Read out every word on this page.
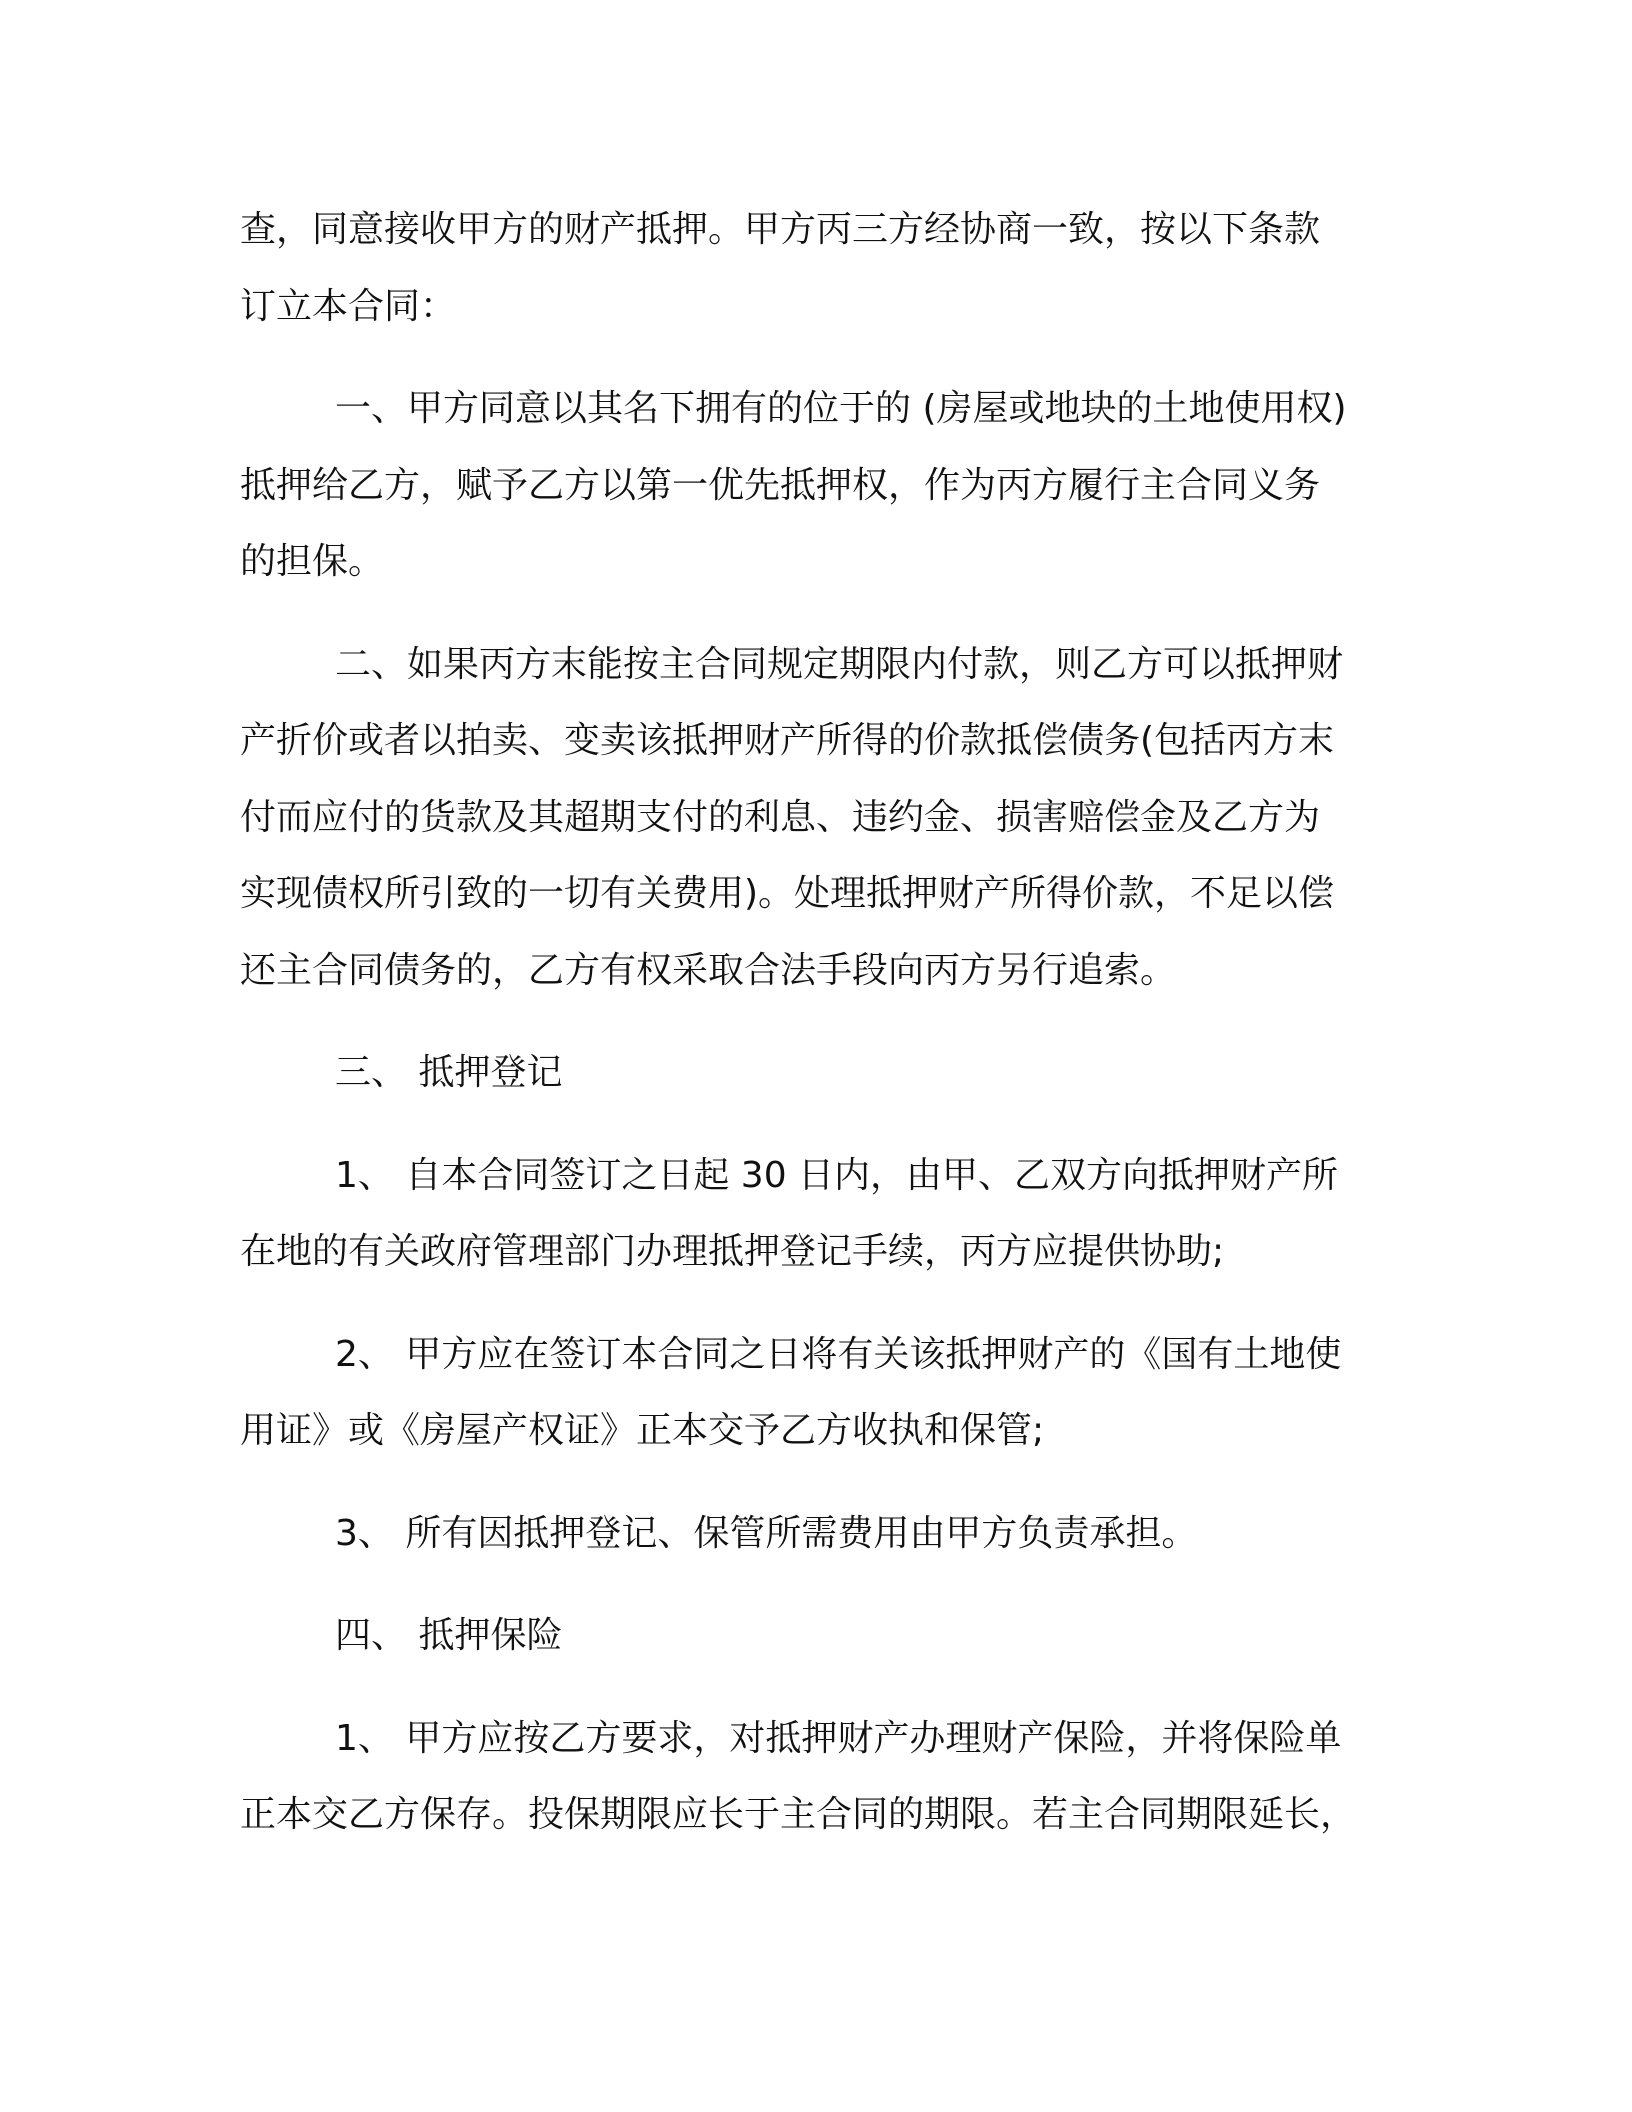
查，同意接收甲方的财产抵押。甲方丙三方经协商一致，按以下条款
订立本合同：

一、甲方同意以其名下拥有的位于的 (房屋或地块的土地使用权)
抵押给乙方，赋予乙方以第一优先抵押权，作为丙方履行主合同义务
的担保。

二、如果丙方末能按主合同规定期限内付款，则乙方可以抵押财
产折价或者以拍卖、变卖该抵押财产所得的价款抵偿债务(包括丙方末
付而应付的货款及其超期支付的利息、违约金、损害赔偿金及乙方为
实现债权所引致的一切有关费用)。处理抵押财产所得价款，不足以偿
还主合同债务的，乙方有权采取合法手段向丙方另行追索。

三、 抵押登记

1、 自本合同签订之日起 30 日内，由甲、乙双方向抵押财产所
在地的有关政府管理部门办理抵押登记手续，丙方应提供协助;

2、 甲方应在签订本合同之日将有关该抵押财产的《国有土地使
用证》或《房屋产权证》正本交予乙方收执和保管;

3、 所有因抵押登记、保管所需费用由甲方负责承担。

四、 抵押保险

1、 甲方应按乙方要求，对抵押财产办理财产保险，并将保险单
正本交乙方保存。投保期限应长于主合同的期限。若主合同期限延长，
